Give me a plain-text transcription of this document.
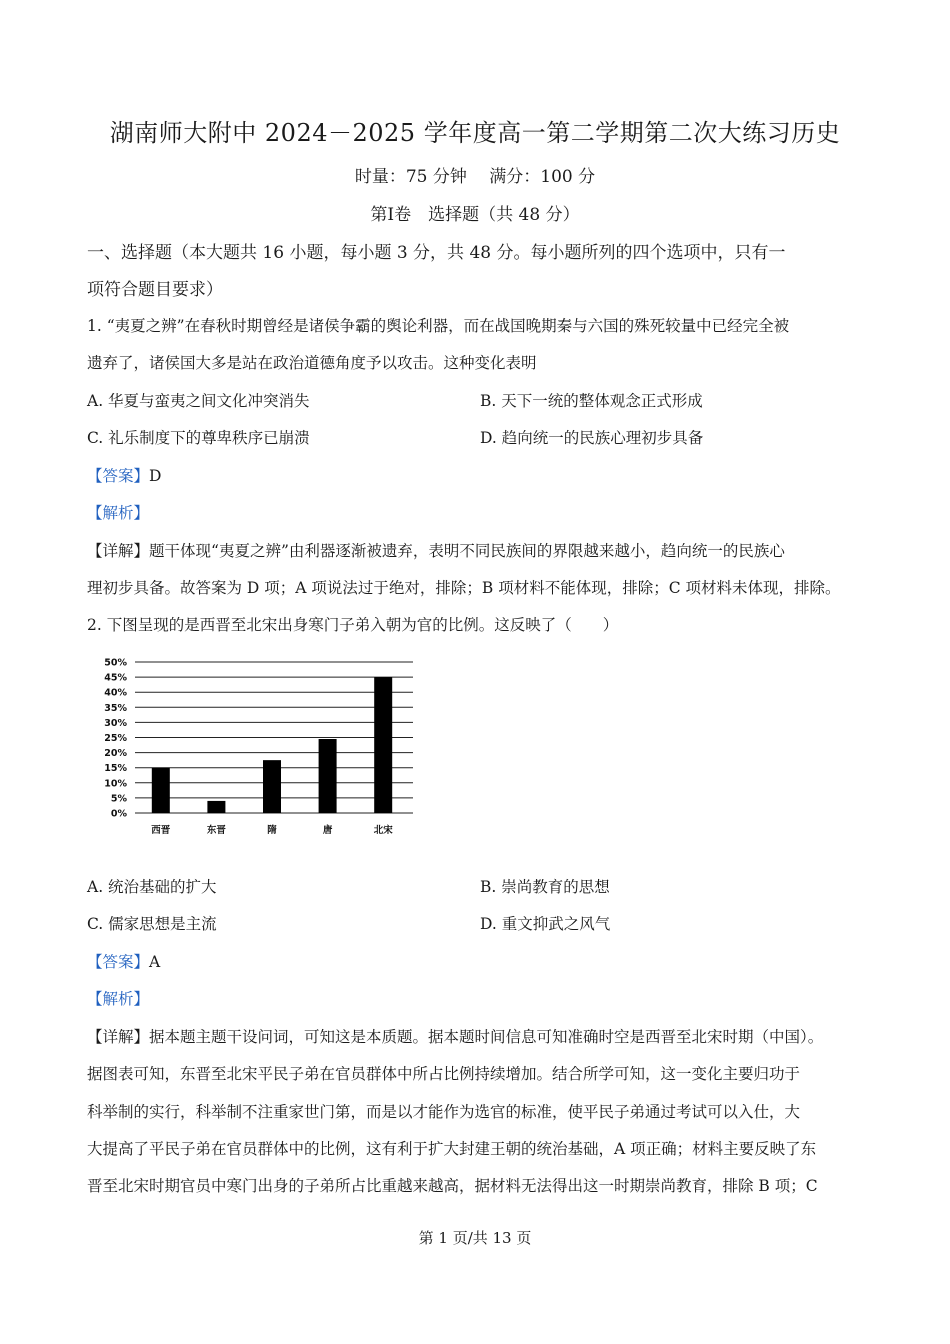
湖南师大附中 2024－2025 学年度高一第二学期第二次大练习历史
时量：75 分钟　 满分：100 分
第Ⅰ卷　选择题（共 48 分）
一、选择题（本大题共 16 小题，每小题 3 分，共 48 分。每小题所列的四个选项中，只有一
项符合题目要求）
1. “夷夏之辨”在春秋时期曾经是诸侯争霸的舆论利器，而在战国晚期秦与六国的殊死较量中已经完全被
遗弃了，诸侯国大多是站在政治道德角度予以攻击。这种变化表明
A. 华夏与蛮夷之间文化冲突消失	B. 天下一统的整体观念正式形成
C. 礼乐制度下的尊卑秩序已崩溃	D. 趋向统一的民族心理初步具备
【答案】D
【解析】
【详解】题干体现“夷夏之辨”由利器逐渐被遗弃，表明不同民族间的界限越来越小，趋向统一的民族心
理初步具备。故答案为 D 项；A 项说法过于绝对，排除；B 项材料不能体现，排除；C 项材料未体现，排除。
2. 下图呈现的是西晋至北宋出身寒门子弟入朝为官的比例。这反映了（　　）
0%
5%
10%
15%
20%
25%
30%
35%
40%
45%
50%
西晋	东晋	隋	唐	北宋
A. 统治基础的扩大	B. 崇尚教育的思想
C. 儒家思想是主流	D. 重文抑武之风气
【答案】A
【解析】
【详解】据本题主题干设问词，可知这是本质题。据本题时间信息可知准确时空是西晋至北宋时期（中国）。
据图表可知，东晋至北宋平民子弟在官员群体中所占比例持续增加。结合所学可知，这一变化主要归功于
科举制的实行，科举制不注重家世门第，而是以才能作为选官的标准，使平民子弟通过考试可以入仕，大
大提高了平民子弟在官员群体中的比例，这有利于扩大封建王朝的统治基础，A 项正确；材料主要反映了东
晋至北宋时期官员中寒门出身的子弟所占比重越来越高，据材料无法得出这一时期崇尚教育，排除 B 项；C
第 1 页/共 13 页
